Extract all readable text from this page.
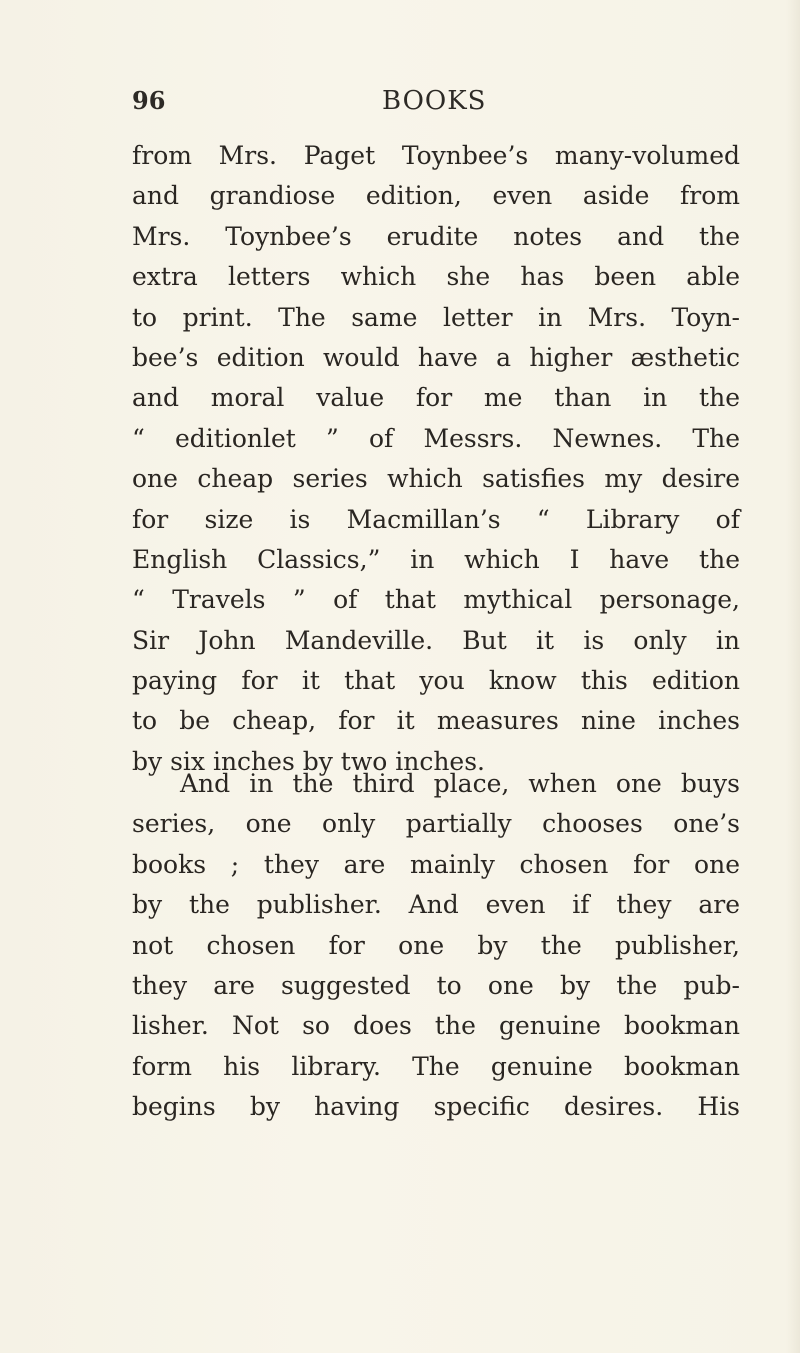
96	BOOKS
from Mrs. Paget Toynbee’s many-volumed
and grandiose edition, even aside from
Mrs. Toynbee’s erudite notes and the
extra letters which she has been able
to print. The same letter in Mrs. Toyn-
bee’s edition would have a higher æsthetic
and moral value for me than in the
“ editionlet ” of Messrs. Newnes. The
one cheap series which satisfies my desire
for size is Macmillan’s “ Library of
English Classics,” in which I have the
“ Travels ” of that mythical personage,
Sir John Mandeville. But it is only in
paying for it that you know this edition
to be cheap, for it measures nine inches
by six inches by two inches.
And in the third place, when one buys
series, one only partially chooses one’s
books ; they are mainly chosen for one
by the publisher. And even if they are
not chosen for one by the publisher,
they are suggested to one by the pub-
lisher. Not so does the genuine bookman
form his library. The genuine bookman
begins by having specific desires. His
